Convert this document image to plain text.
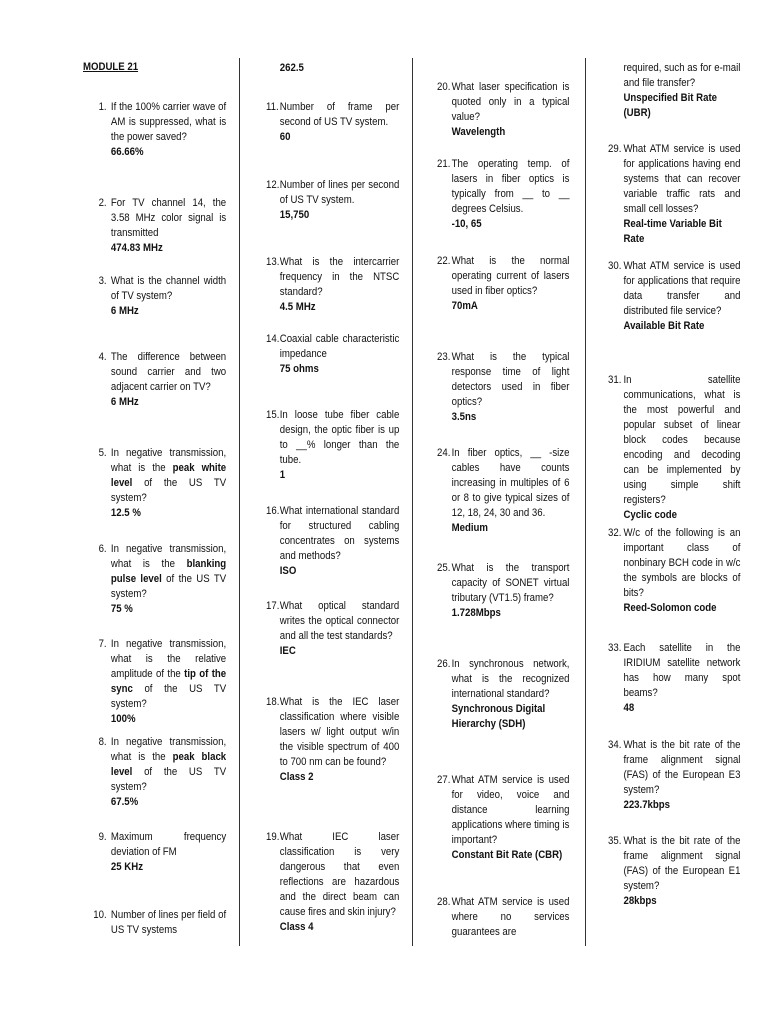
MODULE 21
1. If the 100% carrier wave of AM is suppressed, what is the power saved?
66.66%
2. For TV channel 14, the 3.58 MHz color signal is transmitted
474.83 MHz
3. What is the channel width of TV system?
6 MHz
4. The difference between sound carrier and two adjacent carrier on TV?
6 MHz
5. In negative transmission, what is the peak white level of the US TV system?
12.5 %
6. In negative transmission, what is the blanking pulse level of the US TV system?
75 %
7. In negative transmission, what is the relative amplitude of the tip of the sync of the US TV system?
100%
8. In negative transmission, what is the peak black level of the US TV system?
67.5%
9. Maximum frequency deviation of FM
25 KHz
10. Number of lines per field of US TV systems
262.5
11. Number of frame per second of US TV system.
60
12. Number of lines per second of US TV system.
15,750
13. What is the intercarrier frequency in the NTSC standard?
4.5 MHz
14. Coaxial cable characteristic impedance
75 ohms
15. In loose tube fiber cable design, the optic fiber is up to __% longer than the tube.
1
16. What international standard for structured cabling concentrates on systems and methods?
ISO
17. What optical standard writes the optical connector and all the test standards?
IEC
18. What is the IEC laser classification where visible lasers w/ light output w/in the visible spectrum of 400 to 700 nm can be found?
Class 2
19. What IEC laser classification is very dangerous that even reflections are hazardous and the direct beam can cause fires and skin injury?
Class 4
20. What laser specification is quoted only in a typical value?
Wavelength
21. The operating temp. of lasers in fiber optics is typically from __ to __ degrees Celsius.
-10, 65
22. What is the normal operating current of lasers used in fiber optics?
70mA
23. What is the typical response time of light detectors used in fiber optics?
3.5ns
24. In fiber optics, __ -size cables have counts increasing in multiples of 6 or 8 to give typical sizes of 12, 18, 24, 30 and 36.
Medium
25. What is the transport capacity of SONET virtual tributary (VT1.5) frame?
1.728Mbps
26. In synchronous network, what is the recognized international standard?
Synchronous Digital Hierarchy (SDH)
27. What ATM service is used for video, voice and distance learning applications where timing is important?
Constant Bit Rate (CBR)
28. What ATM service is used where no services guarantees are
required, such as for e-mail and file transfer?
Unspecified Bit Rate (UBR)
29. What ATM service is used for applications having end systems that can recover variable traffic rats and small cell losses?
Real-time Variable Bit Rate
30. What ATM service is used for applications that require data transfer and distributed file service?
Available Bit Rate
31. In satellite communications, what is the most powerful and popular subset of linear block codes because encoding and decoding can be implemented by using simple shift registers?
Cyclic code
32. W/c of the following is an important class of nonbinary BCH code in w/c the symbols are blocks of bits?
Reed-Solomon code
33. Each satellite in the IRIDIUM satellite network has how many spot beams?
48
34. What is the bit rate of the frame alignment signal (FAS) of the European E3 system?
223.7kbps
35. What is the bit rate of the frame alignment signal (FAS) of the European E1 system?
28kbps
